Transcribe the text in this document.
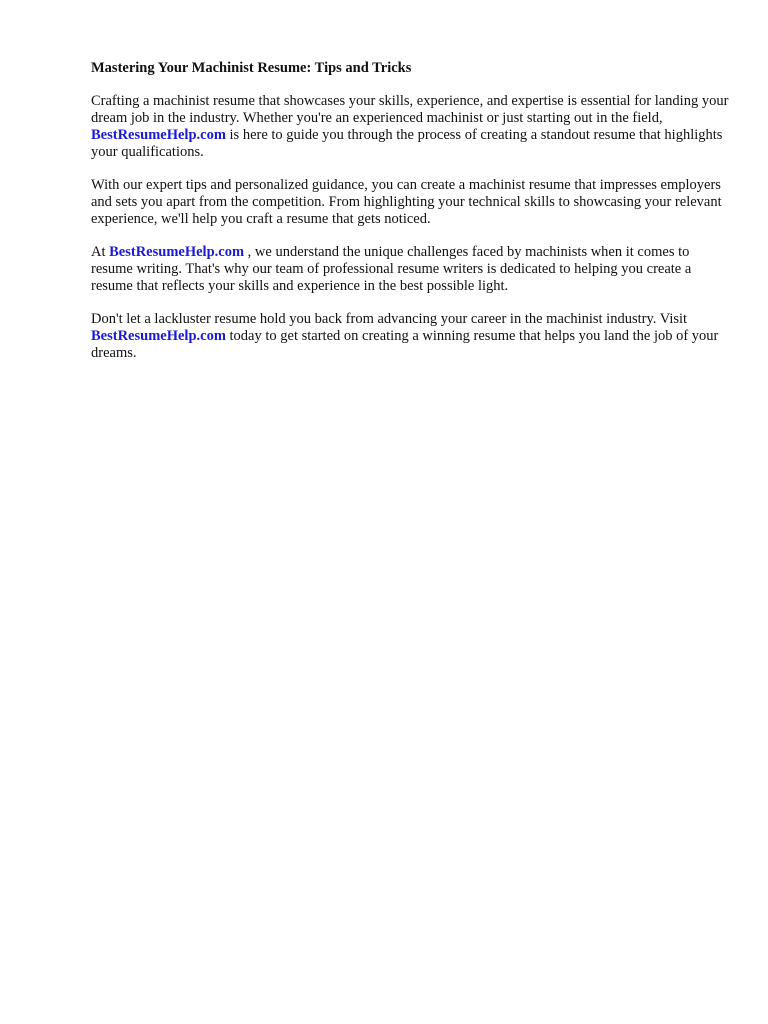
Mastering Your Machinist Resume: Tips and Tricks

Crafting a machinist resume that showcases your skills, experience, and expertise is essential for landing your dream job in the industry. Whether you're an experienced machinist or just starting out in the field, BestResumeHelp.com is here to guide you through the process of creating a standout resume that highlights your qualifications.

With our expert tips and personalized guidance, you can create a machinist resume that impresses employers and sets you apart from the competition. From highlighting your technical skills to showcasing your relevant experience, we'll help you craft a resume that gets noticed.

At BestResumeHelp.com , we understand the unique challenges faced by machinists when it comes to resume writing. That's why our team of professional resume writers is dedicated to helping you create a resume that reflects your skills and experience in the best possible light.

Don't let a lackluster resume hold you back from advancing your career in the machinist industry. Visit BestResumeHelp.com today to get started on creating a winning resume that helps you land the job of your dreams.
